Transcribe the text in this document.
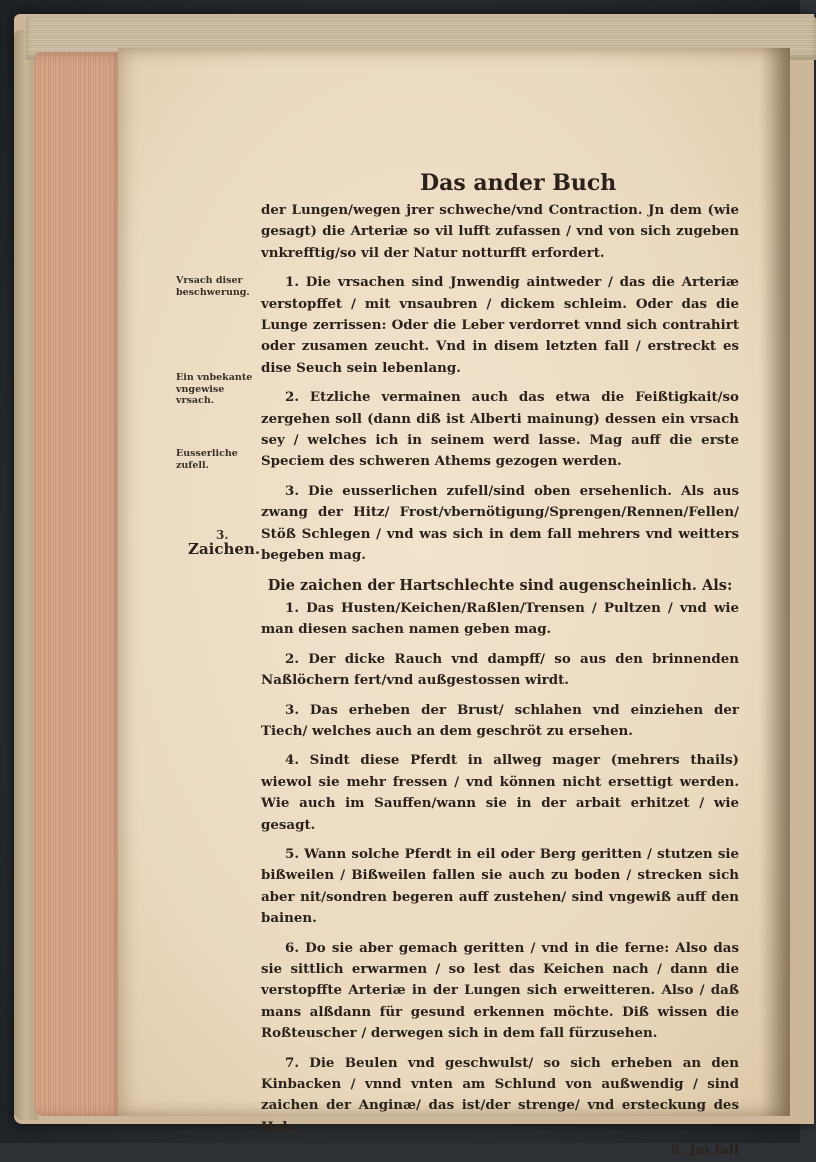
Das ander Buch
Vrsach diser beschwerung.
Ein vnbekante vngewise vrsach.
Eusserliche zufell.
3.
Zaichen.

der Lungen/wegen jrer schweche/vnd Contraction. Jn dem (wie gesagt) die Arteriæ so vil lufft zufassen / vnd von sich zugeben vnkrefftig/so vil der Natur notturfft erfordert.

1. Die vrsachen sind Jnwendig aintweder / das die Arteriæ verstopffet / mit vnsaubren / dickem schleim. Oder das die Lunge zerrissen: Oder die Leber verdorret vnnd sich contrahirt oder zusamen zeucht. Vnd in disem letzten fall / erstreckt es dise Seuch sein lebenlang.

2. Etzliche vermainen auch das etwa die Feißtigkait/so zergehen soll (dann diß ist Alberti mainung) dessen ein vrsach sey / welches ich in seinem werd lasse. Mag auff die erste Speciem des schweren Athems gezogen werden.

3. Die eusserlichen zufell/sind oben ersehenlich. Als aus zwang der Hitz/ Frost/vbernötigung/Sprengen/Rennen/Fellen/ Stöß Schlegen / vnd was sich in dem fall mehrers vnd weitters begeben mag.

Die zaichen der Hartschlechte sind augenscheinlich. Als:

1. Das Husten/Keichen/Raßlen/Trensen / Pultzen / vnd wie man diesen sachen namen geben mag.

2. Der dicke Rauch vnd dampff/ so aus den brinnenden Naßlöchern fert/vnd außgestossen wirdt.

3. Das erheben der Brust/ schlahen vnd einziehen der Tiech/ welches auch an dem geschröt zu ersehen.

4. Sindt diese Pferdt in allweg mager (mehrers thails) wiewol sie mehr fressen / vnd können nicht ersettigt werden. Wie auch im Sauffen/wann sie in der arbait erhitzet / wie gesagt.

5. Wann solche Pferdt in eil oder Berg geritten / stutzen sie bißweilen / Bißweilen fallen sie auch zu boden / strecken sich aber nit/sondren begeren auff zustehen/ sind vngewiß auff den bainen.

6. Do sie aber gemach geritten / vnd in die ferne: Also das sie sittlich erwarmen / so lest das Keichen nach / dann die verstopffte Arteriæ in der Lungen sich erweitteren. Also / daß mans alßdann für gesund erkennen möchte. Diß wissen die Roßteuscher / derwegen sich in dem fall fürzusehen.

7. Die Beulen vnd geschwulst/ so sich erheben an den Kinbacken / vnnd vnten am Schlund von außwendig / sind zaichen der Anginæ/ das ist/der strenge/ vnd ersteckung des Hals.

8. Jm fall
